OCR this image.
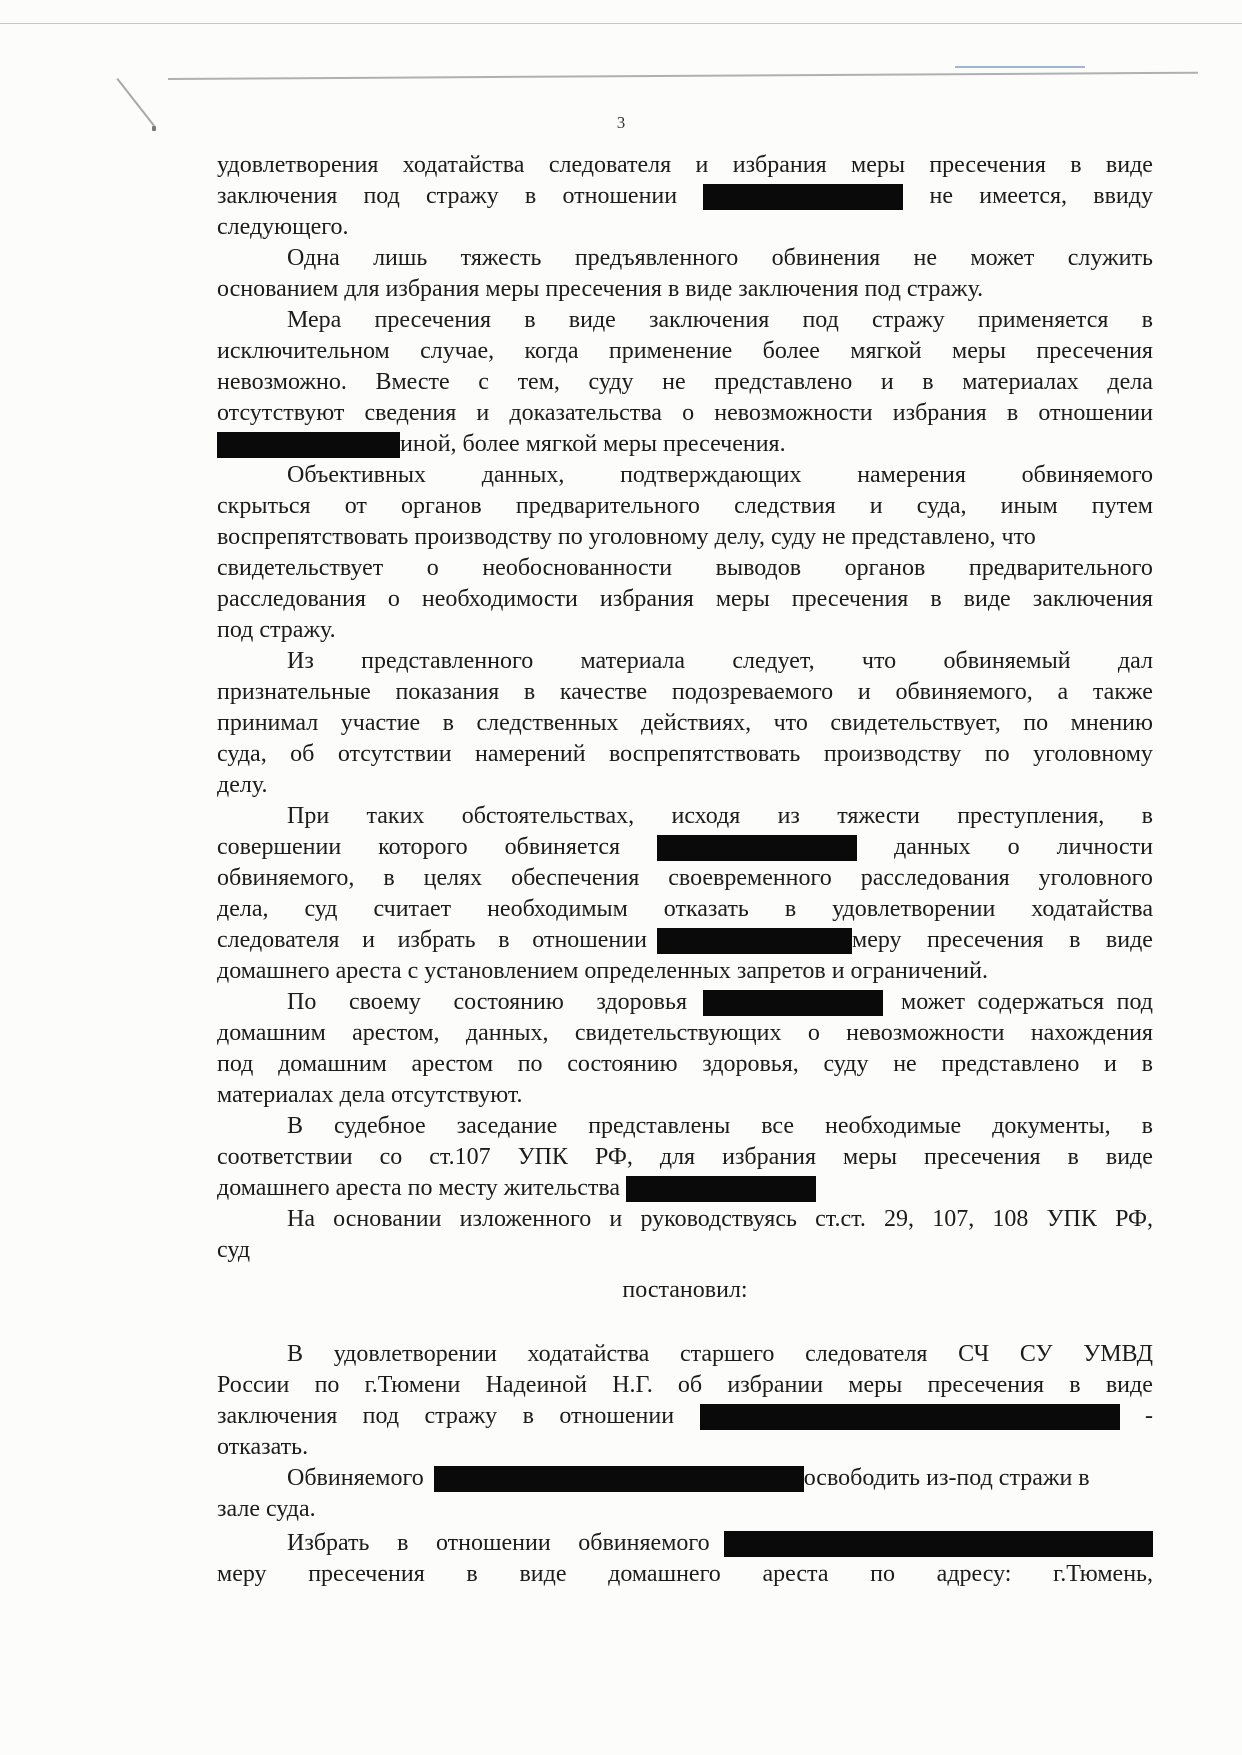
3
удовлетворения ходатайства следователя и избрания меры пресечения в виде
заключения под стражу в отношении	не имеется, ввиду
следующего.
Одна лишь тяжесть предъявленного обвинения не может служить
основанием для избрания меры пресечения в виде заключения под стражу.
Мера пресечения в виде заключения под стражу применяется в
исключительном случае, когда применение более мягкой меры пресечения
невозможно. Вместе с тем, суду не представлено и в материалах дела
отсутствуют сведения и доказательства о невозможности избрания в отношении
иной, более мягкой меры пресечения.
Объективных данных, подтверждающих намерения обвиняемого
скрыться от органов предварительного следствия и суда, иным путем
воспрепятствовать производству по уголовному делу, суду не представлено, что
свидетельствует о необоснованности выводов органов предварительного
расследования о необходимости избрания меры пресечения в виде заключения
под стражу.
Из представленного материала следует, что обвиняемый дал
признательные показания в качестве подозреваемого и обвиняемого, а также
принимал участие в следственных действиях, что свидетельствует, по мнению
суда, об отсутствии намерений воспрепятствовать производству по уголовному
делу.
При таких обстоятельствах, исходя из тяжести преступления, в
совершении которого обвиняется	данных о личности
обвиняемого, в целях обеспечения своевременного расследования уголовного
дела, суд считает необходимым отказать в удовлетворении ходатайства
следователя и избрать в отношении	меру пресечения в виде
домашнего ареста с установлением определенных запретов и ограничений.
По своему состоянию здоровья	может содержаться под
домашним арестом, данных, свидетельствующих о невозможности нахождения
под домашним арестом по состоянию здоровья, суду не представлено и в
материалах дела отсутствуют.
В судебное заседание представлены все необходимые документы, в
соответствии со ст.107 УПК РФ, для избрания меры пресечения в виде
домашнего ареста по месту жительства
На основании изложенного и руководствуясь ст.ст. 29, 107, 108 УПК РФ,
суд
постановил:
В удовлетворении ходатайства старшего следователя СЧ СУ УМВД
России по г.Тюмени Надеиной Н.Г. об избрании меры пресечения в виде
заключения под стражу в отношении	-
отказать.
Обвиняемого	освободить из-под стражи в
зале суда.
Избрать в отношении обвиняемого
меру пресечения в виде домашнего ареста по адресу: г.Тюмень,
